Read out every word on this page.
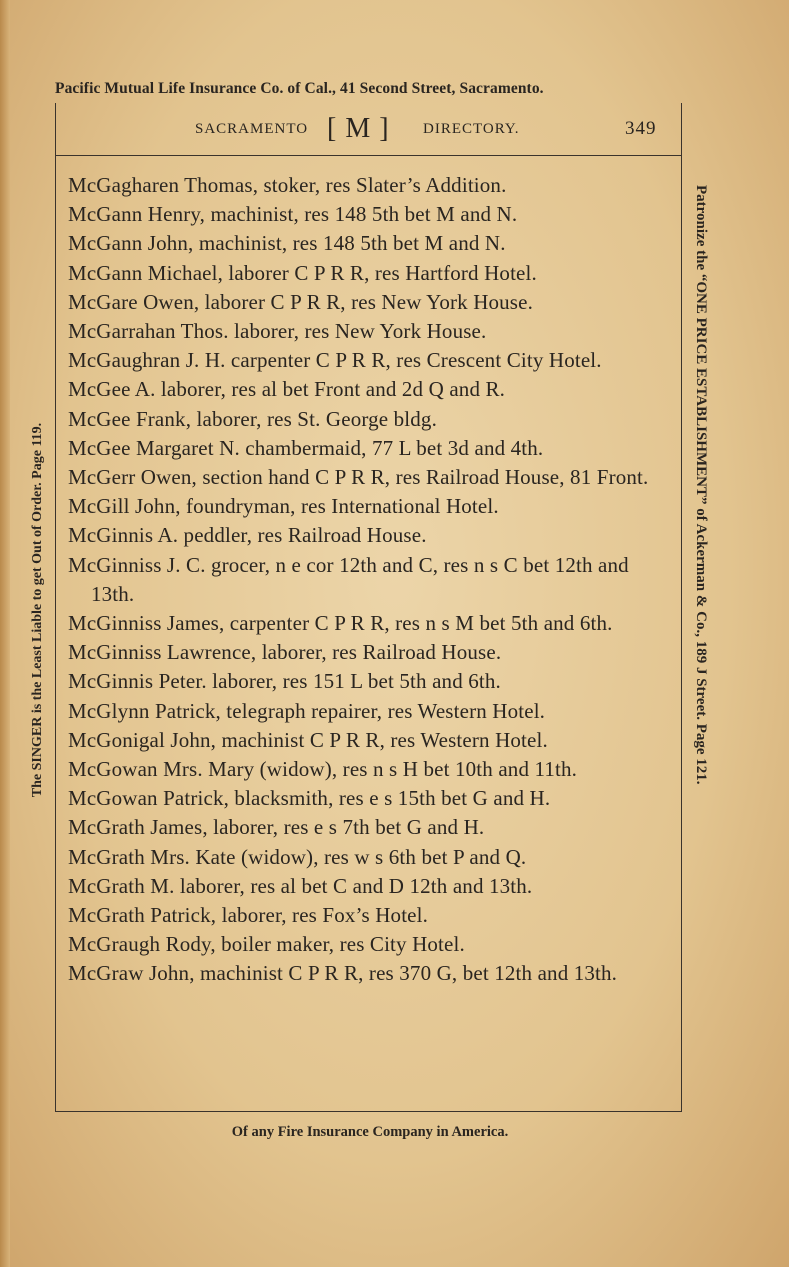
Pacific Mutual Life Insurance Co. of Cal., 41 Second Street, Sacramento.
The SINGER is the Least Liable to get Out of Order. Page 119.	Patronize the “ONE PRICE ESTABLISHMENT” of Ackerman & Co., 189 J Street. Page 121.
SACRAMENTO [ M ] DIRECTORY.	349
McGagharen Thomas, stoker, res Slater’s Addition.
McGann Henry, machinist, res 148 5th bet M and N.
McGann John, machinist, res 148 5th bet M and N.
McGann Michael, laborer C P R R, res Hartford Hotel.
McGare Owen, laborer C P R R, res New York House.
McGarrahan Thos. laborer, res New York House.
McGaughran J. H. carpenter C P R R, res Crescent City Hotel.
McGee A. laborer, res al bet Front and 2d Q and R.
McGee Frank, laborer, res St. George bldg.
McGee Margaret N. chambermaid, 77 L bet 3d and 4th.
McGerr Owen, section hand C P R R, res Railroad House, 81 Front.
McGill John, foundryman, res International Hotel.
McGinnis A. peddler, res Railroad House.
McGinniss J. C. grocer, n e cor 12th and C, res n s C bet 12th and 13th.
McGinniss James, carpenter C P R R, res n s M bet 5th and 6th.
McGinniss Lawrence, laborer, res Railroad House.
McGinnis Peter. laborer, res 151 L bet 5th and 6th.
McGlynn Patrick, telegraph repairer, res Western Hotel.
McGonigal John, machinist C P R R, res Western Hotel.
McGowan Mrs. Mary (widow), res n s H bet 10th and 11th.
McGowan Patrick, blacksmith, res e s 15th bet G and H.
McGrath James, laborer, res e s 7th bet G and H.
McGrath Mrs. Kate (widow), res w s 6th bet P and Q.
McGrath M. laborer, res al bet C and D 12th and 13th.
McGrath Patrick, laborer, res Fox’s Hotel.
McGraugh Rody, boiler maker, res City Hotel.
McGraw John, machinist C P R R, res 370 G, bet 12th and 13th.
Of any Fire Insurance Company in America.
